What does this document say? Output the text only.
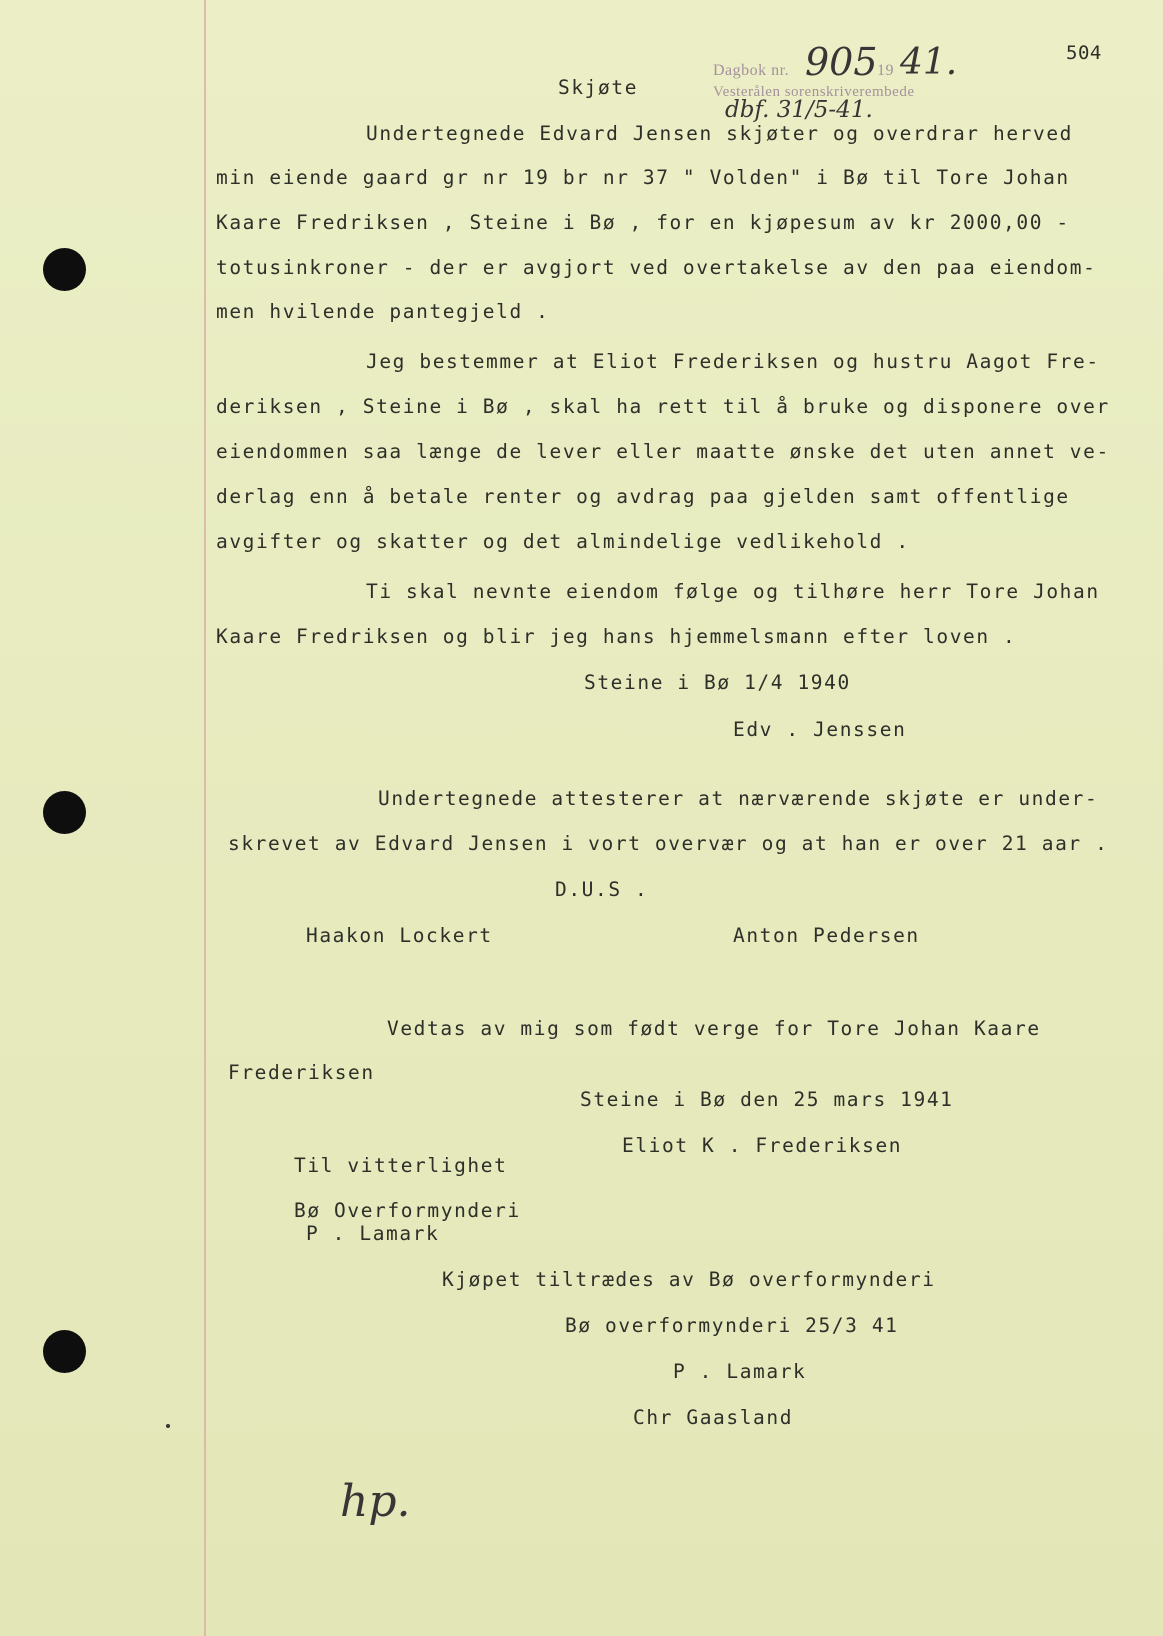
Dagbok nr.	19
Vesterålen sorenskriverembede
905 41.
dbf. 31/5-41.
hp.
504
Skjøte
Undertegnede Edvard Jensen skjøter og overdrar herved
min eiende gaard gr nr 19 br nr 37 " Volden" i Bø til Tore Johan
Kaare Fredriksen , Steine i Bø , for en kjøpesum av kr 2000,00 -
totusinkroner - der er avgjort ved overtakelse av den paa eiendom-
men hvilende pantegjeld .
Jeg bestemmer at Eliot Frederiksen og hustru Aagot Fre-
deriksen , Steine i Bø , skal ha rett til å bruke og disponere over
eiendommen saa længe de lever eller maatte ønske det uten annet ve-
derlag enn å betale renter og avdrag paa gjelden samt offentlige
avgifter og skatter og det almindelige vedlikehold .
Ti skal nevnte eiendom følge og tilhøre herr Tore Johan
Kaare Fredriksen og blir jeg hans hjemmelsmann efter loven .
Steine i Bø 1/4 1940
Edv . Jenssen
Undertegnede attesterer at nærværende skjøte er under-
skrevet av Edvard Jensen i vort overvær og at han er over 21 aar .
D.U.S .
Haakon Lockert	Anton Pedersen
Vedtas av mig som født verge for Tore Johan Kaare
Frederiksen
Steine i Bø den 25 mars 1941
Eliot K . Frederiksen
Til vitterlighet
Bø Overformynderi
P . Lamark
Kjøpet tiltrædes av Bø overformynderi
Bø overformynderi 25/3 41
P . Lamark
Chr Gaasland
